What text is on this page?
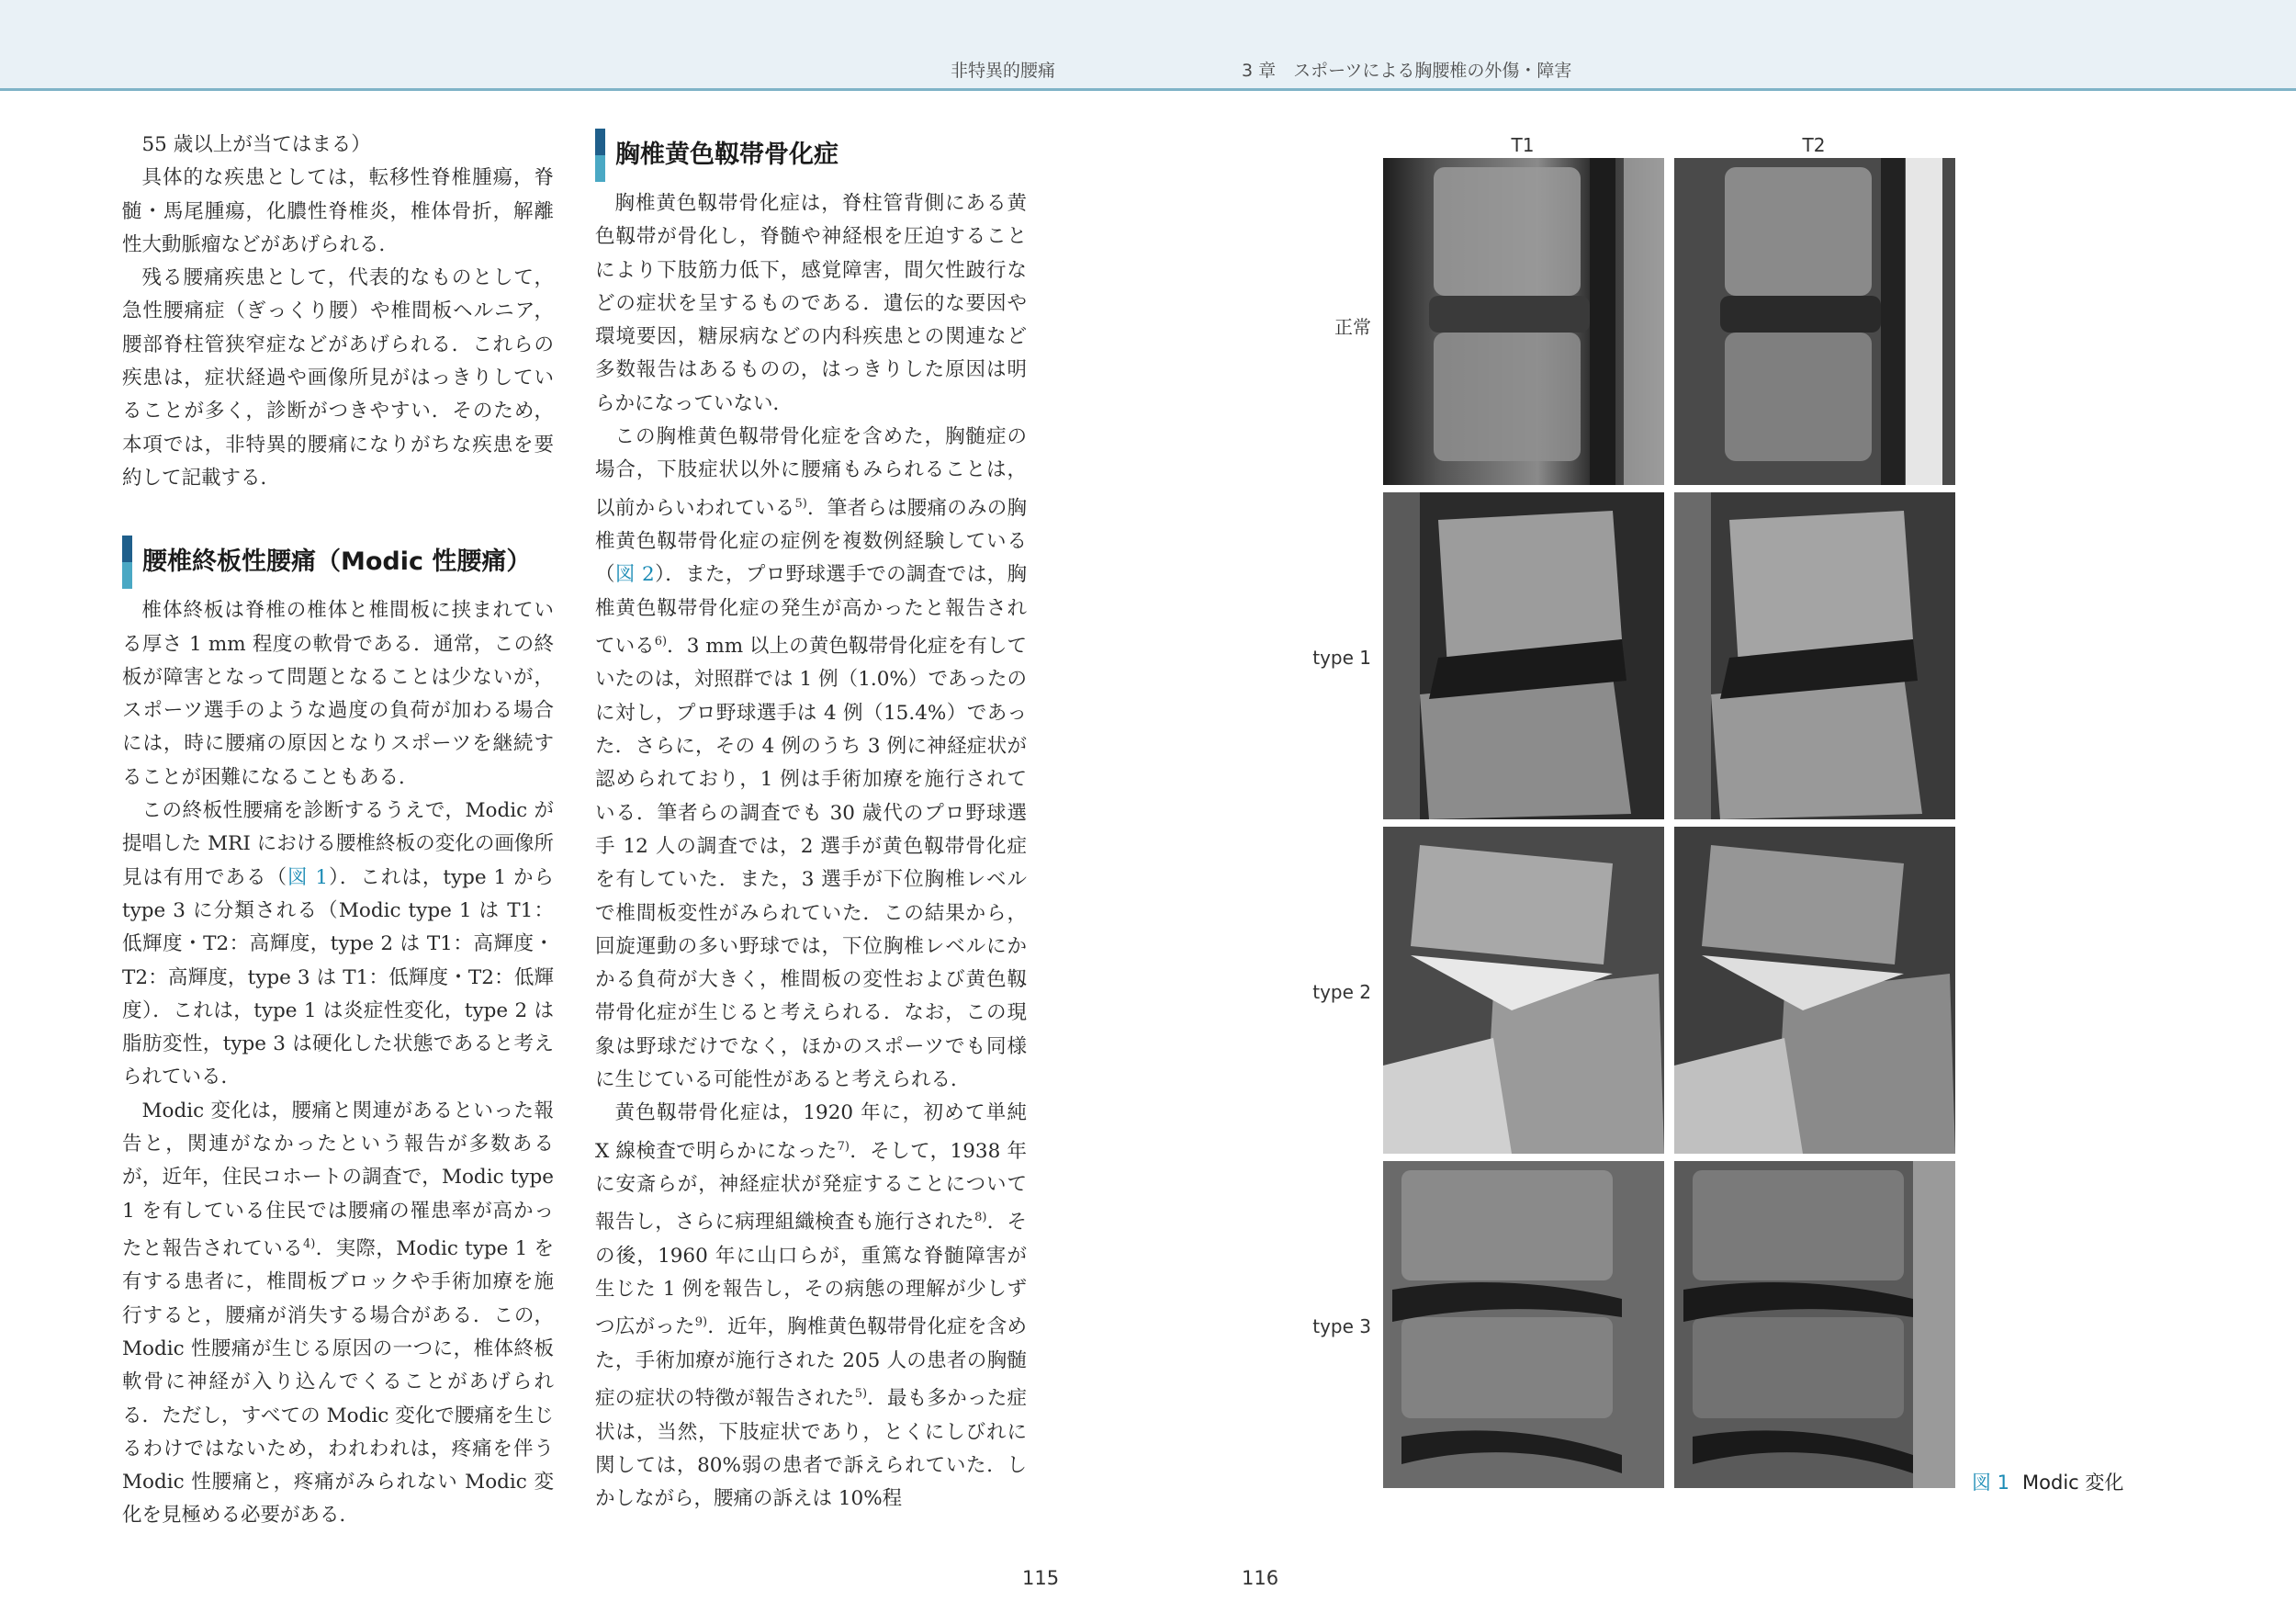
非特異的腰痛	3 章　スポーツによる胸腰椎の外傷・障害

55 歳以上が当てはまる）

具体的な疾患としては，転移性脊椎腫瘍，脊髄・馬尾腫瘍，化膿性脊椎炎，椎体骨折，解離性大動脈瘤などがあげられる．

残る腰痛疾患として，代表的なものとして，急性腰痛症（ぎっくり腰）や椎間板ヘルニア，腰部脊柱管狭窄症などがあげられる．これらの疾患は，症状経過や画像所見がはっきりしていることが多く，診断がつきやすい．そのため，本項では，非特異的腰痛になりがちな疾患を要約して記載する．

腰椎終板性腰痛（Modic 性腰痛）

椎体終板は脊椎の椎体と椎間板に挟まれている厚さ 1 mm 程度の軟骨である．通常，この終板が障害となって問題となることは少ないが，スポーツ選手のような過度の負荷が加わる場合には，時に腰痛の原因となりスポーツを継続することが困難になることもある．

この終板性腰痛を診断するうえで，Modic が提唱した MRI における腰椎終板の変化の画像所見は有用である（図 1）．これは，type 1 から type 3 に分類される（Modic type 1 は T1：低輝度・T2：高輝度，type 2 は T1：高輝度・T2：高輝度，type 3 は T1：低輝度・T2：低輝度）．これは，type 1 は炎症性変化，type 2 は脂肪変性，type 3 は硬化した状態であると考えられている．

Modic 変化は，腰痛と関連があるといった報告と，関連がなかったという報告が多数あるが，近年，住民コホートの調査で，Modic type 1 を有している住民では腰痛の罹患率が高かったと報告されている$^{4)}$．実際，Modic type 1 を有する患者に，椎間板ブロックや手術加療を施行すると，腰痛が消失する場合がある．この，Modic 性腰痛が生じる原因の一つに，椎体終板軟骨に神経が入り込んでくることがあげられる．ただし，すべての Modic 変化で腰痛を生じるわけではないため，われわれは，疼痛を伴う Modic 性腰痛と，疼痛がみられない Modic 変化を見極める必要がある．

胸椎黄色靱帯骨化症

胸椎黄色靱帯骨化症は，脊柱管背側にある黄色靱帯が骨化し，脊髄や神経根を圧迫することにより下肢筋力低下，感覚障害，間欠性跛行などの症状を呈するものである．遺伝的な要因や環境要因，糖尿病などの内科疾患との関連など多数報告はあるものの，はっきりした原因は明らかになっていない．

この胸椎黄色靱帯骨化症を含めた，胸髄症の場合，下肢症状以外に腰痛もみられることは，以前からいわれている$^{5)}$．筆者らは腰痛のみの胸椎黄色靱帯骨化症の症例を複数例経験している（図 2）．また，プロ野球選手での調査では，胸椎黄色靱帯骨化症の発生が高かったと報告されている$^{6)}$．3 mm 以上の黄色靱帯骨化症を有していたのは，対照群では 1 例（1.0%）であったのに対し，プロ野球選手は 4 例（15.4%）であった．さらに，その 4 例のうち 3 例に神経症状が認められており，1 例は手術加療を施行されている．筆者らの調査でも 30 歳代のプロ野球選手 12 人の調査では，2 選手が黄色靱帯骨化症を有していた．また，3 選手が下位胸椎レベルで椎間板変性がみられていた．この結果から，回旋運動の多い野球では，下位胸椎レベルにかかる負荷が大きく，椎間板の変性および黄色靱帯骨化症が生じると考えられる．なお，この現象は野球だけでなく，ほかのスポーツでも同様に生じている可能性があると考えられる．

黄色靱帯骨化症は，1920 年に，初めて単純 X 線検査で明らかになった$^{7)}$．そして，1938 年に安斎らが，神経症状が発症することについて報告し，さらに病理組織検査も施行された$^{8)}$．その後，1960 年に山口らが，重篤な脊髄障害が生じた 1 例を報告し，その病態の理解が少しずつ広がった$^{9)}$．近年，胸椎黄色靱帯骨化症を含めた，手術加療が施行された 205 人の患者の胸髄症の症状の特徴が報告された$^{5)}$．最も多かった症状は，当然，下肢症状であり，とくにしびれに関しては，80%弱の患者で訴えられていた．しかしながら，腰痛の訴えは 10%程

T1	T2
正常
type 1
type 2
type 3
図 1 Modic 変化
115	116
